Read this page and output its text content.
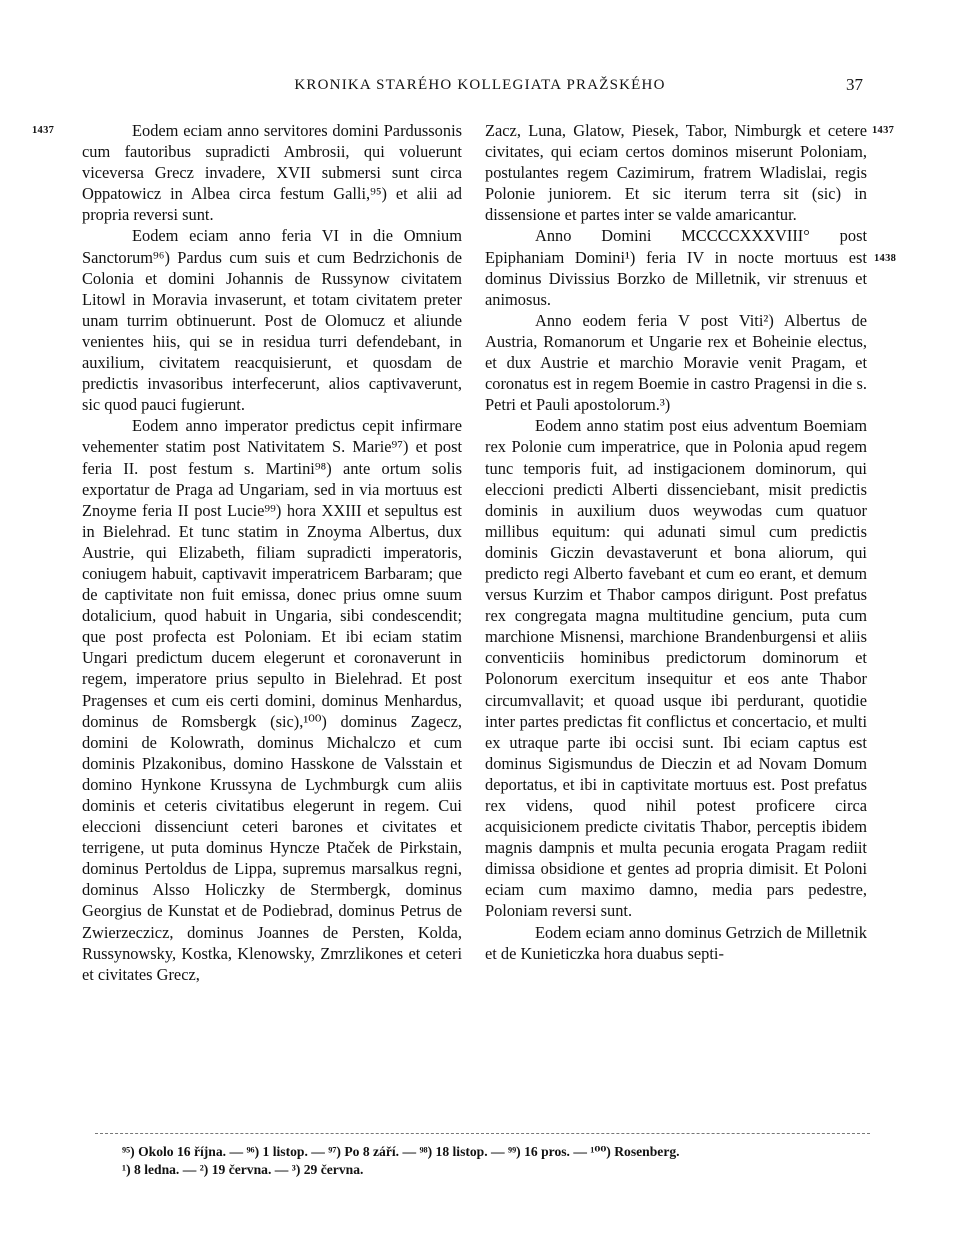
KRONIKA STARÉHO KOLLEGIATA PRAŽSKÉHO	37
1437	1437
1438

Eodem eciam anno servitores domini Pardussonis cum fautoribus supradicti Ambrosii, qui voluerunt viceversa Grecz invadere, XVII submersi sunt circa Oppatowicz in Albea circa festum Galli,⁹⁵) et alii ad propria reversi sunt.

Eodem eciam anno feria VI in die Omnium Sanctorum⁹⁶) Pardus cum suis et cum Bedrzichonis de Colonia et domini Johannis de Russynow civitatem Litowl in Moravia invaserunt, et totam civitatem preter unam turrim obtinuerunt. Post de Olomucz et aliunde venientes hiis, qui se in residua turri defendebant, in auxilium, civitatem reacquisierunt, et quosdam de predictis invasoribus interfecerunt, alios captivaverunt, sic quod pauci fugierunt.

Eodem anno imperator predictus cepit infirmare vehementer statim post Nativitatem S. Marie⁹⁷) et post feria II. post festum s. Martini⁹⁸) ante ortum solis exportatur de Praga ad Ungariam, sed in via mortuus est Znoyme feria II post Lucie⁹⁹) hora XXIII et sepultus est in Bielehrad. Et tunc statim in Znoyma Albertus, dux Austrie, qui Elizabeth, filiam supradicti imperatoris, coniugem habuit, captivavit imperatricem Barbaram; que de captivitate non fuit emissa, donec prius omne suum dotalicium, quod habuit in Ungaria, sibi condescendit; que post profecta est Poloniam. Et ibi eciam statim Ungari predictum ducem elegerunt et coronaverunt in regem, imperatore prius sepulto in Bielehrad. Et post Pragenses et cum eis certi domini, dominus Menhardus, dominus de Romsbergk (sic),¹⁰⁰) dominus Zagecz, domini de Kolowrath, dominus Michalczo et cum dominis Plzakonibus, domino Hasskone de Valsstain et domino Hynkone Krussyna de Lychmburgk cum aliis dominis et ceteris civitatibus elegerunt in regem. Cui eleccioni dissenciunt ceteri barones et civitates et terrigene, ut puta dominus Hyncze Ptaček de Pirkstain, dominus Pertoldus de Lippa, supremus marsalkus regni, dominus Alsso Holiczky de Stermbergk, dominus Georgius de Kunstat et de Podiebrad, dominus Petrus de Zwierzeczicz, dominus Joannes de Persten, Kolda, Russynowsky, Kostka, Klenowsky, Zmrzlikones et ceteri et civitates Grecz,

Zacz, Luna, Glatow, Piesek, Tabor, Nimburgk et cetere civitates, qui eciam certos dominos miserunt Poloniam, postulantes regem Cazimirum, fratrem Wladislai, regis Polonie juniorem. Et sic iterum terra sit (sic) in dissensione et partes inter se valde amaricantur.

Anno Domini MCCCCXXXVIII° post Epiphaniam Domini¹) feria IV in nocte mortuus est dominus Divissius Borzko de Milletnik, vir strenuus et animosus.

Anno eodem feria V post Viti²) Albertus de Austria, Romanorum et Ungarie rex et Boheinie electus, et dux Austrie et marchio Moravie venit Pragam, et coronatus est in regem Boemie in castro Pragensi in die s. Petri et Pauli apostolorum.³)

Eodem anno statim post eius adventum Boemiam rex Polonie cum imperatrice, que in Polonia apud regem tunc temporis fuit, ad instigacionem dominorum, qui eleccioni predicti Alberti dissenciebant, misit predictis dominis in auxilium duos weywodas cum quatuor millibus equitum: qui adunati simul cum predictis dominis Giczin devastaverunt et bona aliorum, qui predicto regi Alberto favebant et cum eo erant, et demum versus Kurzim et Thabor campos dirigunt. Post prefatus rex congregata magna multitudine gencium, puta cum marchione Misnensi, marchione Brandenburgensi et aliis conventiciis hominibus predictorum dominorum et Polonorum exercitum insequitur et eos ante Thabor circumvallavit; et quoad usque ibi perdurant, quotidie inter partes predictas fit conflictus et concertacio, et multi ex utraque parte ibi occisi sunt. Ibi eciam captus est dominus Sigismundus de Dieczin et ad Novam Domum deportatus, et ibi in captivitate mortuus est. Post prefatus rex videns, quod nihil potest proficere circa acquisicionem predicte civitatis Thabor, perceptis ibidem magnis dampnis et multa pecunia erogata Pragam rediit dimissa obsidione et gentes ad propria dimisit. Et Poloni eciam cum maximo damno, media pars pedestre, Poloniam reversi sunt.

Eodem eciam anno dominus Getrzich de Milletnik et de Kunieticzka hora duabus septi-

⁹⁵) Okolo 16 října. — ⁹⁶) 1 listop. — ⁹⁷) Po 8 září. — ⁹⁸) 18 listop. — ⁹⁹) 16 pros. — ¹⁰⁰) Rosenberg.
¹) 8 ledna. — ²) 19 června. — ³) 29 června.
